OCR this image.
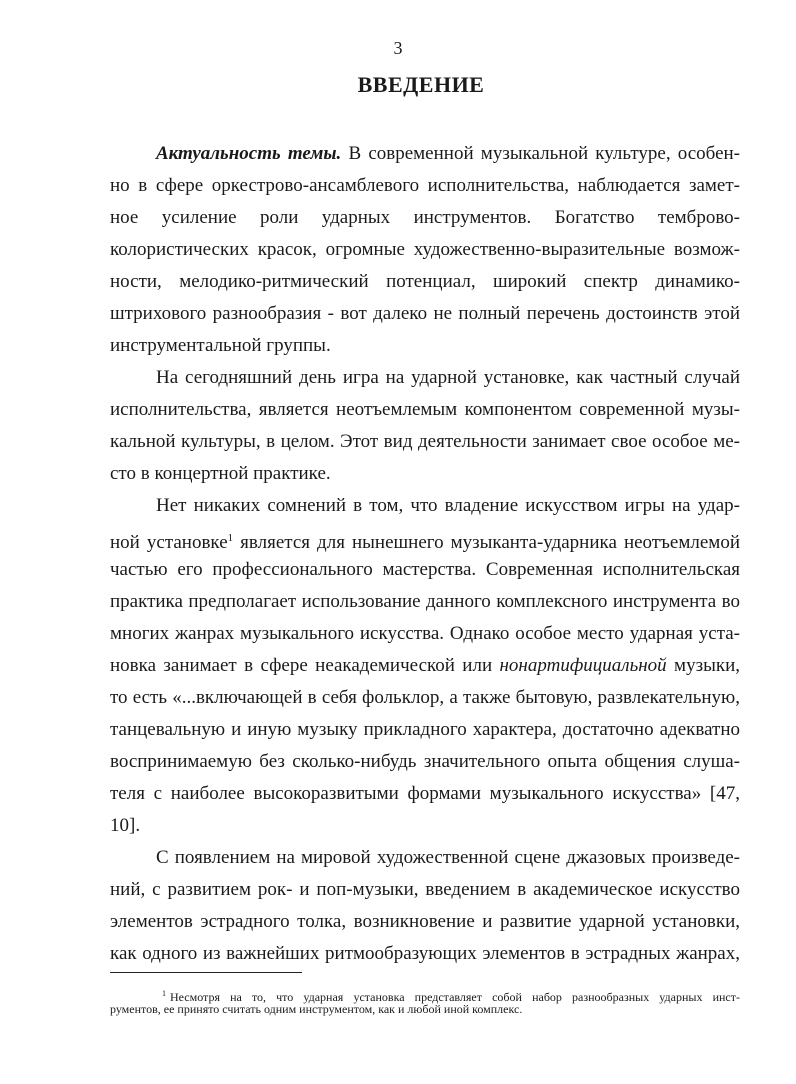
3
ВВЕДЕНИЕ
Актуальность темы. В современной музыкальной культуре, особен-
но в сфере оркестрово-ансамблевого исполнительства, наблюдается замет-
ное усиление роли ударных инструментов. Богатство темброво-
колористических красок, огромные художественно-выразительные возмож-
ности, мелодико-ритмический потенциал, широкий спектр динамико-
штрихового разнообразия - вот далеко не полный перечень достоинств этой
инструментальной группы.
На сегодняшний день игра на ударной установке, как частный случай
исполнительства, является неотъемлемым компонентом современной музы-
кальной культуры, в целом. Этот вид деятельности занимает свое особое ме-
сто в концертной практике.
Нет никаких сомнений в том, что владение искусством игры на удар-
ной установке$^1$ является для нынешнего музыканта-ударника неотъемлемой
частью его профессионального мастерства. Современная исполнительская
практика предполагает использование данного комплексного инструмента во
многих жанрах музыкального искусства. Однако особое место ударная уста-
новка занимает в сфере неакадемической или нонартифициальной музыки,
то есть «...включающей в себя фольклор, а также бытовую, развлекательную,
танцевальную и иную музыку прикладного характера, достаточно адекватно
воспринимаемую без сколько-нибудь значительного опыта общения слуша-
теля с наиболее высокоразвитыми формами музыкального искусства» [47,
10].
С появлением на мировой художественной сцене джазовых произведе-
ний, с развитием рок- и поп-музыки, введением в академическое искусство
элементов эстрадного толка, возникновение и развитие ударной установки,
как одного из важнейших ритмообразующих элементов в эстрадных жанрах,
$^1$ Несмотря на то, что ударная установка представляет собой набор разнообразных ударных инст-
рументов, ее принято считать одним инструментом, как и любой иной комплекс.
